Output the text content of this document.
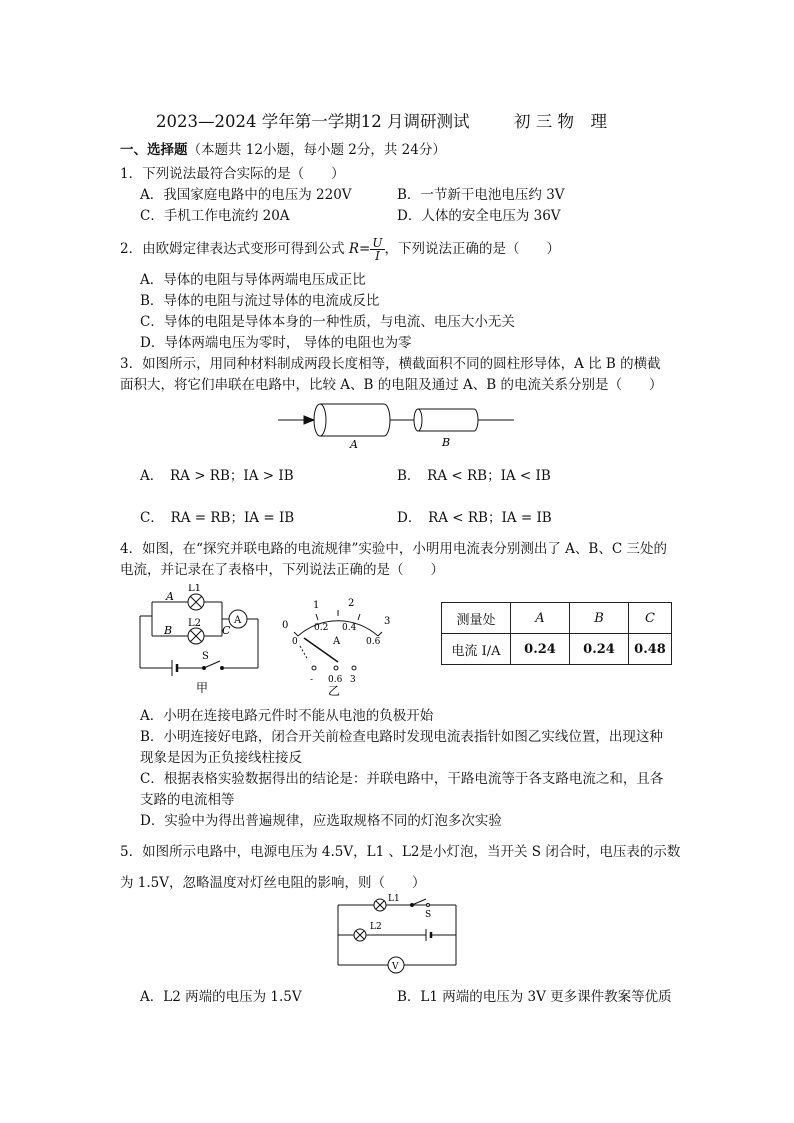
2023—2024 学年第一学期12 月调研测试	初 三 物　理
一、选择题（本题共 12小题，每小题 2分，共 24分）
1．下列说法最符合实际的是（　　）
A．我国家庭电路中的电压为 220V	B．一节新干电池电压约 3V
C．手机工作电流约 20A	D．人体的安全电压为 36V
2．由欧姆定律表达式变形可得到公式 $R= \frac{U}{I}$ ，下列说法正确的是（　　）
A．导体的电阻与导体两端电压成正比
B．导体的电阻与流过导体的电流成反比
C．导体的电阻是导体本身的一种性质，与电流、电压大小无关
D．导体两端电压为零时， 导体的电阻也为零
3．如图所示，用同种材料制成两段长度相等，横截面积不同的圆柱形导体，A 比 B 的横截
面积大，将它们串联在电路中，比较 A、B 的电阻及通过 A、B 的电流关系分别是（　　）
A	B
A．　RA > RB；IA > IB	B．　RA < RB；IA < IB
C．　RA = RB；IA = IB	D．　RA < RB；IA = IB
4．如图，在“探究并联电路的电流规律”实验中，小明用电流表分别测出了 A、B、C 三处的
电流，并记录在了表格中，下列说法正确的是（　　）
A
B	C
L1
L2	A
S
甲
0
1	2
3
0
0.2 0.4
0.6
A
- 0.6 3
乙
测量处	A	B	C
电流 I/A	0.24	0.24	0.48
A．小明在连接电路元件时不能从电池的负极开始
B．小明连接好电路，闭合开关前检查电路时发现电流表指针如图乙实线位置，出现这种
现象是因为正负接线柱接反
C．根据表格实验数据得出的结论是：并联电路中，干路电流等于各支路电流之和，且各
支路的电流相等
D．实验中为得出普遍规律，应选取规格不同的灯泡多次实验
5．如图所示电路中，电源电压为 4.5V，L1 、L2是小灯泡，当开关 S 闭合时，电压表的示数
为 1.5V，忽略温度对灯丝电阻的影响，则（　　）
L1
L2
S
V
A．L2 两端的电压为 1.5V	B．L1 两端的电压为 3V 更多课件教案等优质
